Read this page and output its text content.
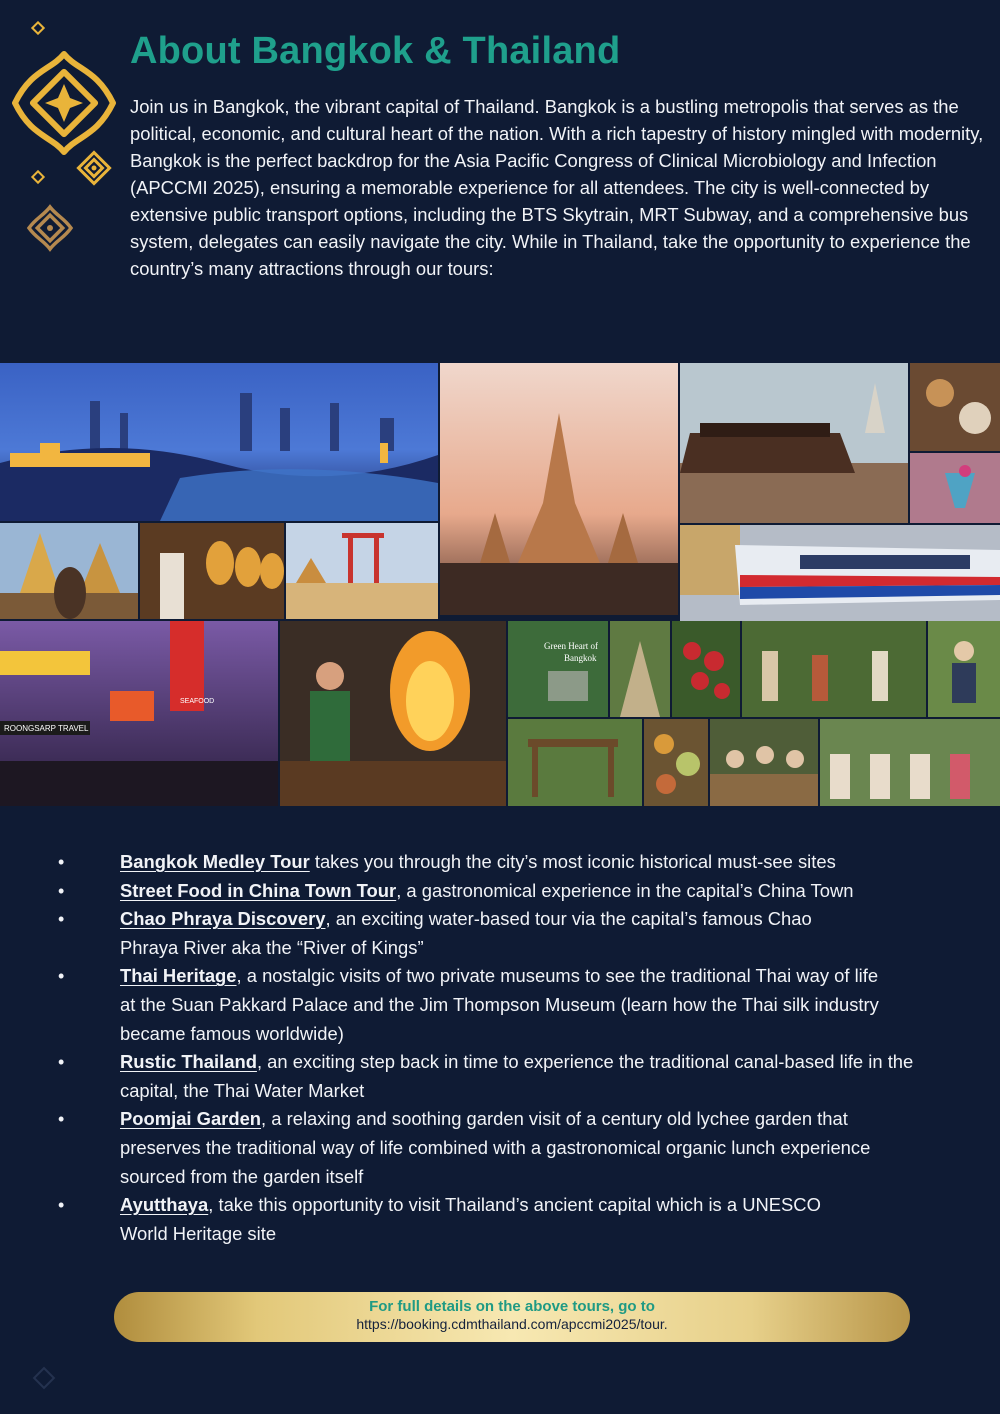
About Bangkok & Thailand

Join us in Bangkok, the vibrant capital of Thailand. Bangkok is a bustling metropolis that serves as the political, economic, and cultural heart of the nation. With a rich tapestry of history mingled with modernity, Bangkok is the perfect backdrop for the Asia Pacific Congress of Clinical Microbiology and Infection (APCCMI 2025), ensuring a memorable experience for all attendees. The city is well-connected by extensive public transport options, including the BTS Skytrain, MRT Subway, and a comprehensive bus system, delegates can easily navigate the city. While in Thailand, take the opportunity to experience the country’s many attractions through our tours:

ROONGSARP TRAVEL
SEAFOOD
Green Heart of
Bangkok
•	Bangkok Medley Tour takes you through the city’s most iconic historical must-see sites
•	Street Food in China Town Tour, a gastronomical experience in the capital’s China Town
•	Chao Phraya Discovery, an exciting water-based tour via the capital’s famous Chao Phraya River aka the “River of Kings”
•	Thai Heritage, a nostalgic visits of two private museums to see the traditional Thai way of life at the Suan Pakkard Palace and the Jim Thompson Museum (learn how the Thai silk industry became famous worldwide)
•	Rustic Thailand, an exciting step back in time to experience the traditional canal-based life in the capital, the Thai Water Market
•	Poomjai Garden, a relaxing and soothing garden visit of a century old lychee garden that preserves the traditional way of life combined with a gastronomical organic lunch experience sourced from the garden itself
•	Ayutthaya, take this opportunity to visit Thailand’s ancient capital which is a UNESCO World Heritage site
For full details on the above tours, go to
https://booking.cdmthailand.com/apccmi2025/tour.
